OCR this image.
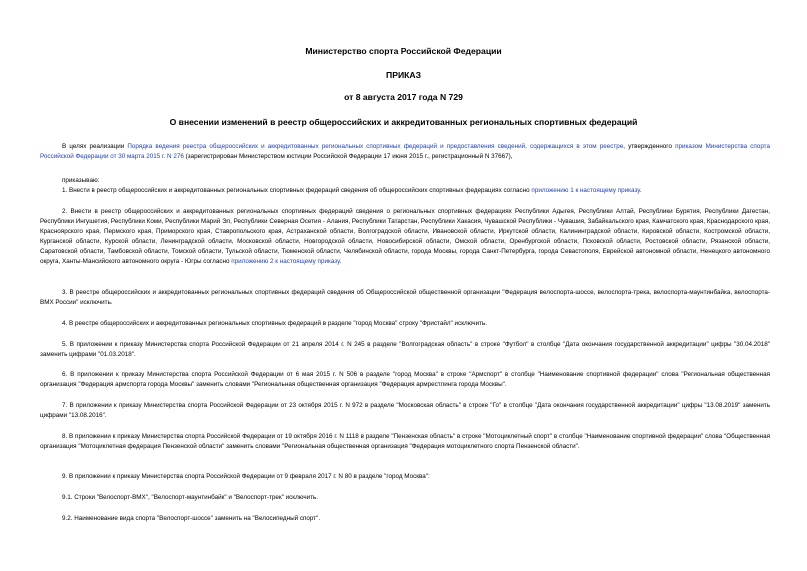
Министерство спорта Российской Федерации
ПРИКАЗ
от 8 августа 2017 года N 729
О внесении изменений в реестр общероссийских и аккредитованных региональных спортивных федераций
В целях реализации Порядка ведения реестра общероссийских и аккредитованных региональных спортивных федераций и предоставления сведений, содержащихся в этом реестре, утвержденного приказом Министерства спорта Российской Федерации от 30 марта 2015 г. N 276 (зарегистрирован Министерством юстиции Российской Федерации 17 июня 2015 г., регистрационный N 37667),
приказываю:
1. Внести в реестр общероссийских и аккредитованных региональных спортивных федераций сведения об общероссийских спортивных федерациях согласно приложению 1 к настоящему приказу.
2. Внести в реестр общероссийских и аккредитованных региональных спортивных федераций сведения о региональных спортивных федерациях Республики Адыгея, Республики Алтай, Республики Бурятия, Республики Дагестан, Республики Ингушетия, Республики Коми, Республики Марий Эл, Республики Северная Осетия - Алания, Республики Татарстан, Республики Хакасия, Чувашской Республики - Чувашия, Забайкальского края, Камчатского края, Краснодарского края, Красноярского края, Пермского края, Приморского края, Ставропольского края, Астраханской области, Волгоградской области, Ивановской области, Иркутской области, Калининградской области, Кировской области, Костромской области, Курганской области, Курской области, Ленинградской области, Московской области, Новгородской области, Новосибирской области, Омской области, Оренбургской области, Псковской области, Ростовской области, Рязанской области, Саратовской области, Тамбовской области, Томской области, Тульской области, Тюменской области, Челябинской области, города Москвы, города Санкт-Петербурга, города Севастополя, Еврейской автономной области, Ненецкого автономного округа, Ханты-Мансийского автономного округа - Югры согласно приложению 2 к настоящему приказу.
3. В реестре общероссийских и аккредитованных региональных спортивных федераций сведения об Общероссийской общественной организации "Федерация велоспорта-шоссе, велоспорта-трека, велоспорта-маунтинбайка, велоспорта-ВМХ России" исключить.
4. В реестре общероссийских и аккредитованных региональных спортивных федераций в разделе "город Москва" строку "Фристайл" исключить.
5. В приложении к приказу Министерства спорта Российской Федерации от 21 апреля 2014 г. N 245 в разделе "Волгоградская область" в строке "Футбол" в столбце "Дата окончания государственной аккредитации" цифры "30.04.2018" заменить цифрами "01.03.2018".
6. В приложении к приказу Министерства спорта Российской Федерации от 6 мая 2015 г. N 506 в разделе "город Москва" в строке "Армспорт" в столбце "Наименование спортивной федерации" слова "Региональная общественная организация "Федерация армспорта города Москвы" заменить словами "Региональная общественная организация "Федерация армрестлинга города Москвы".
7. В приложении к приказу Министерства спорта Российской Федерации от 23 октября 2015 г. N 972 в разделе "Московская область" в строке "Го" в столбце "Дата окончания государственной аккредитации" цифры "13.08.2019" заменить цифрами "13.08.2016".
8. В приложении к приказу Министерства спорта Российской Федерации от 19 октября 2016 г. N 1118 в разделе "Пензенская область" в строке "Мотоциклетный спорт" в столбце "Наименование спортивной федерации" слова "Общественная организация "Мотоциклетная федерация Пензенской области" заменить словами "Региональная общественная организация "Федерация мотоциклетного спорта Пензенской области".
9. В приложении к приказу Министерства спорта Российской Федерации от 9 февраля 2017 г. N 80 в разделе "город Москва":
9.1. Строки "Велоспорт-ВМХ", "Велоспорт-маунтинбайк" и "Велоспорт-трек" исключить.
9.2. Наименование вида спорта "Велоспорт-шоссе" заменить на "Велосипедный спорт".
